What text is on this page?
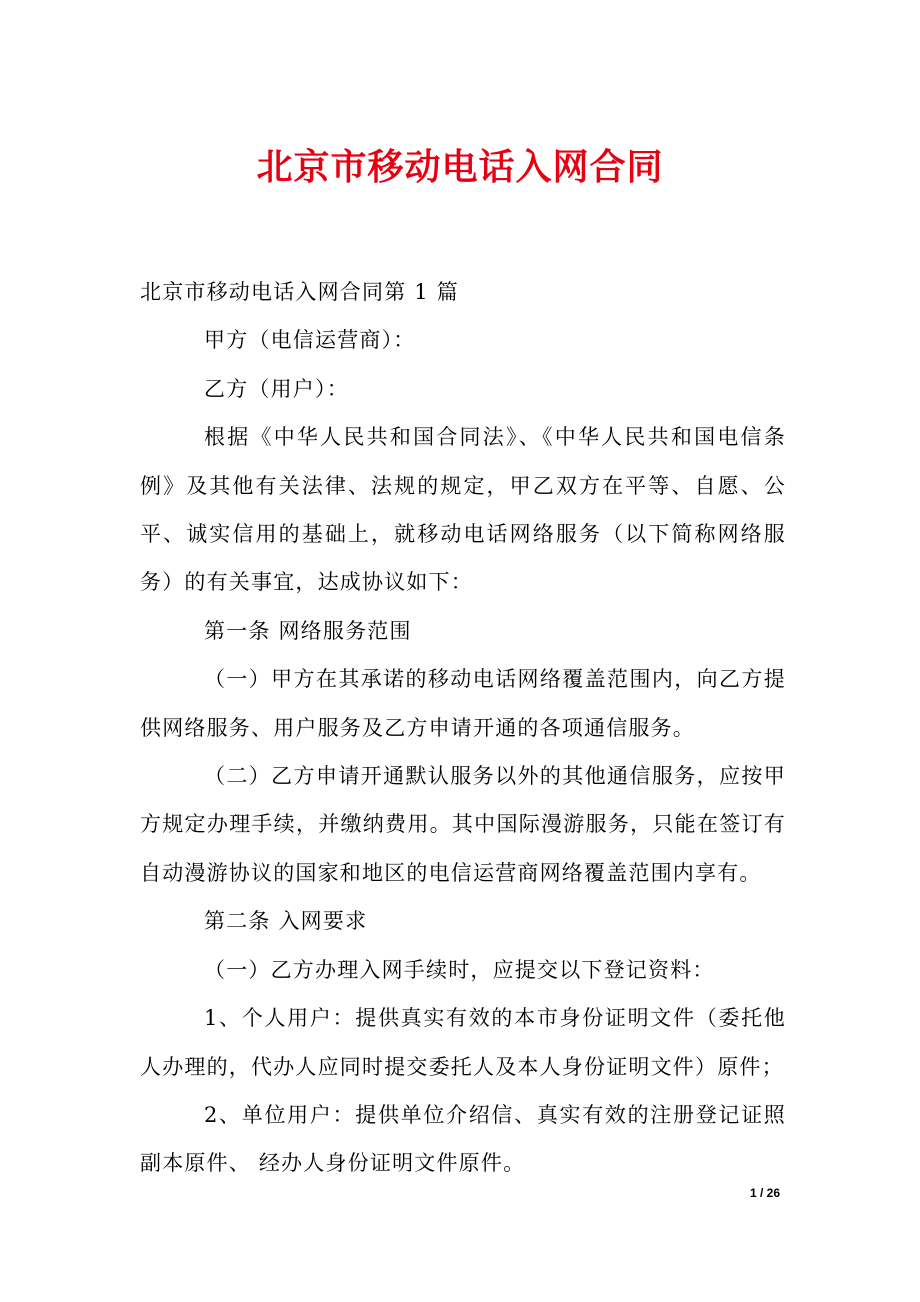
北京市移动电话入网合同

北京市移动电话入网合同第 1 篇

甲方（电信运营商）：

乙方（用户）：

根据《中华人民共和国合同法》、《中华人民共和国电信条例》及其他有关法律、法规的规定，甲乙双方在平等、自愿、公平、诚实信用的基础上，就移动电话网络服务（以下简称网络服务）的有关事宜，达成协议如下：

第一条 网络服务范围

（一）甲方在其承诺的移动电话网络覆盖范围内，向乙方提供网络服务、用户服务及乙方申请开通的各项通信服务。

（二）乙方申请开通默认服务以外的其他通信服务，应按甲方规定办理手续，并缴纳费用。其中国际漫游服务，只能在签订有自动漫游协议的国家和地区的电信运营商网络覆盖范围内享有。

第二条 入网要求

（一）乙方办理入网手续时，应提交以下登记资料：

1、个人用户：提供真实有效的本市身份证明文件（委托他人办理的，代办人应同时提交委托人及本人身份证明文件）原件；

2、单位用户：提供单位介绍信、真实有效的注册登记证照副本原件、 经办人身份证明文件原件。

1 / 26
